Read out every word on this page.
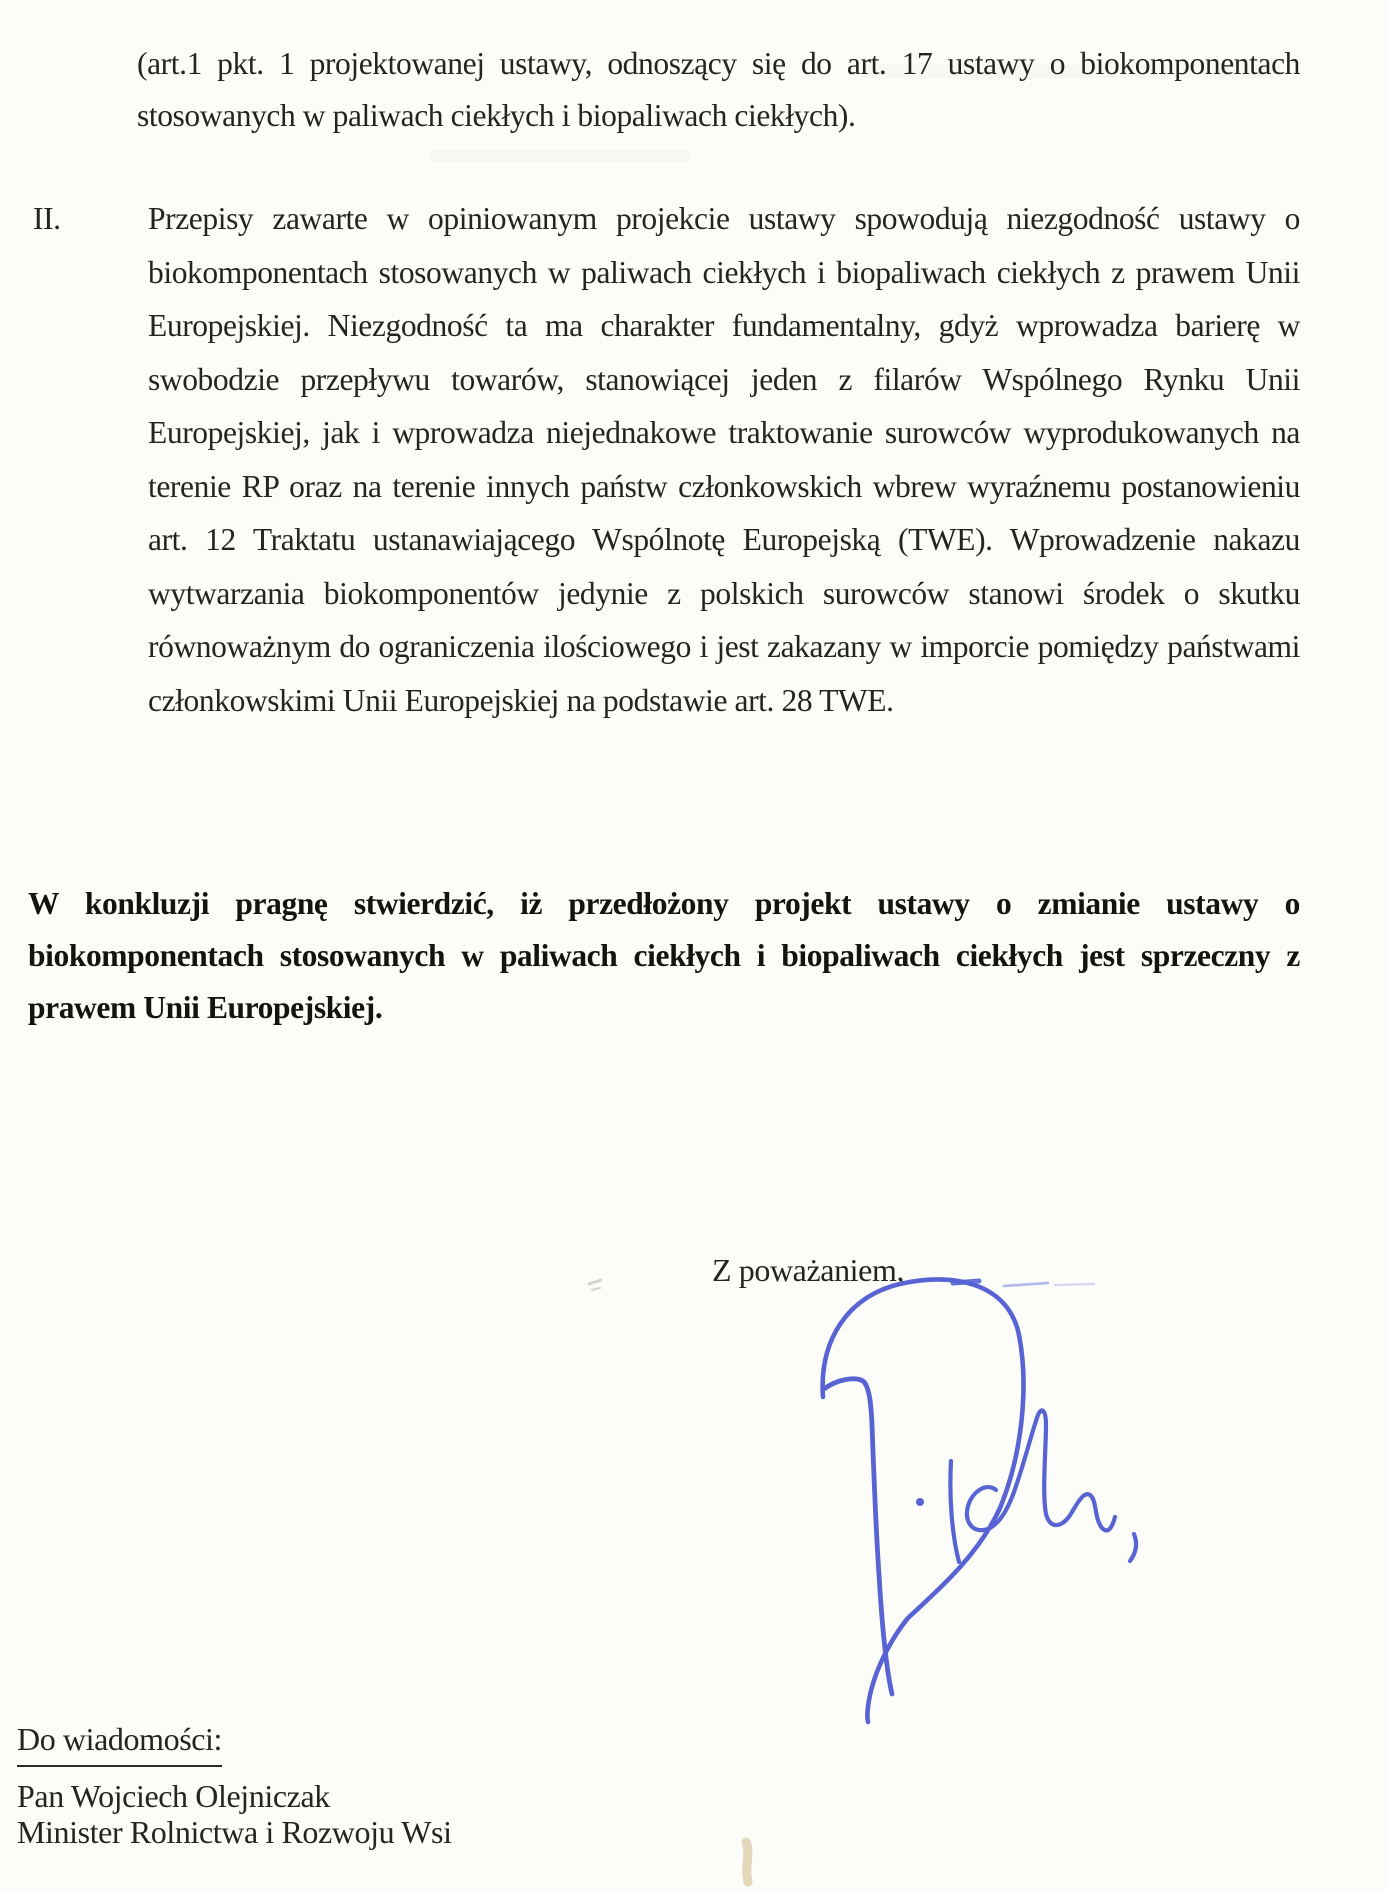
(art.1 pkt. 1 projektowanej ustawy, odnoszący się do art. 17 ustawy o biokomponentach
stosowanych w paliwach ciekłych i biopaliwach ciekłych).
II.	Przepisy zawarte w opiniowanym projekcie ustawy spowodują niezgodność ustawy o
biokomponentach stosowanych w paliwach ciekłych i biopaliwach ciekłych z prawem Unii
Europejskiej. Niezgodność ta ma charakter fundamentalny, gdyż wprowadza barierę w
swobodzie przepływu towarów, stanowiącej jeden z filarów Wspólnego Rynku Unii
Europejskiej, jak i wprowadza niejednakowe traktowanie surowców wyprodukowanych na
terenie RP oraz na terenie innych państw członkowskich wbrew wyraźnemu postanowieniu
art. 12 Traktatu ustanawiającego Wspólnotę Europejską (TWE). Wprowadzenie nakazu
wytwarzania biokomponentów jedynie z polskich surowców stanowi środek o skutku
równoważnym do ograniczenia ilościowego i jest zakazany w imporcie pomiędzy państwami
członkowskimi Unii Europejskiej na podstawie art. 28 TWE.
W konkluzji pragnę stwierdzić, iż przedłożony projekt ustawy o zmianie ustawy o
biokomponentach stosowanych w paliwach ciekłych i biopaliwach ciekłych jest sprzeczny z
prawem Unii Europejskiej.
Z poważaniem,
Do wiadomości:
Pan Wojciech Olejniczak
Minister Rolnictwa i Rozwoju Wsi
